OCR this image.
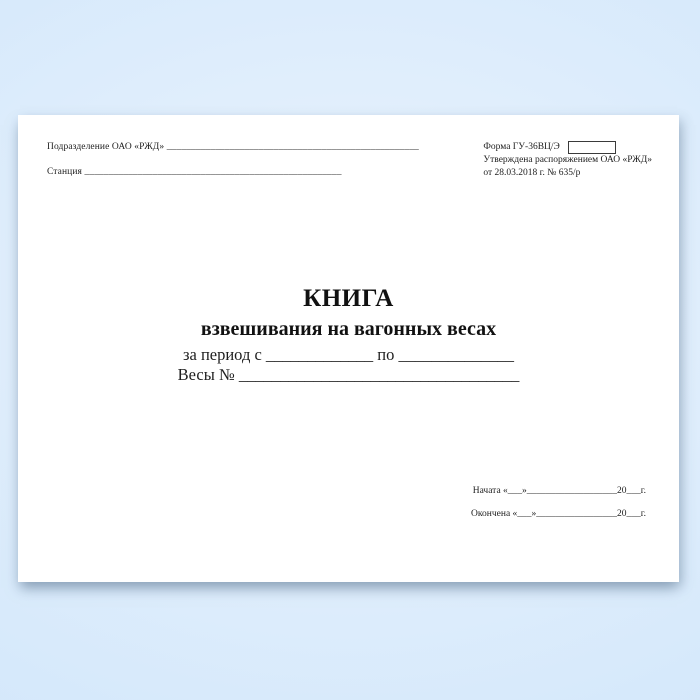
Подразделение ОАО «РЖД» ____________________________________________________
Станция _____________________________________________________
Форма ГУ-36ВЦ/Э
Утверждена распоряжением ОАО «РЖД»
от 28.03.2018 г. № 635/р
КНИГА
взвешивания на вагонных весах
за период с _____________ по ______________
Весы № __________________________________
Начата «___»___________________20___г.
Окончена «___»_________________20___г.
